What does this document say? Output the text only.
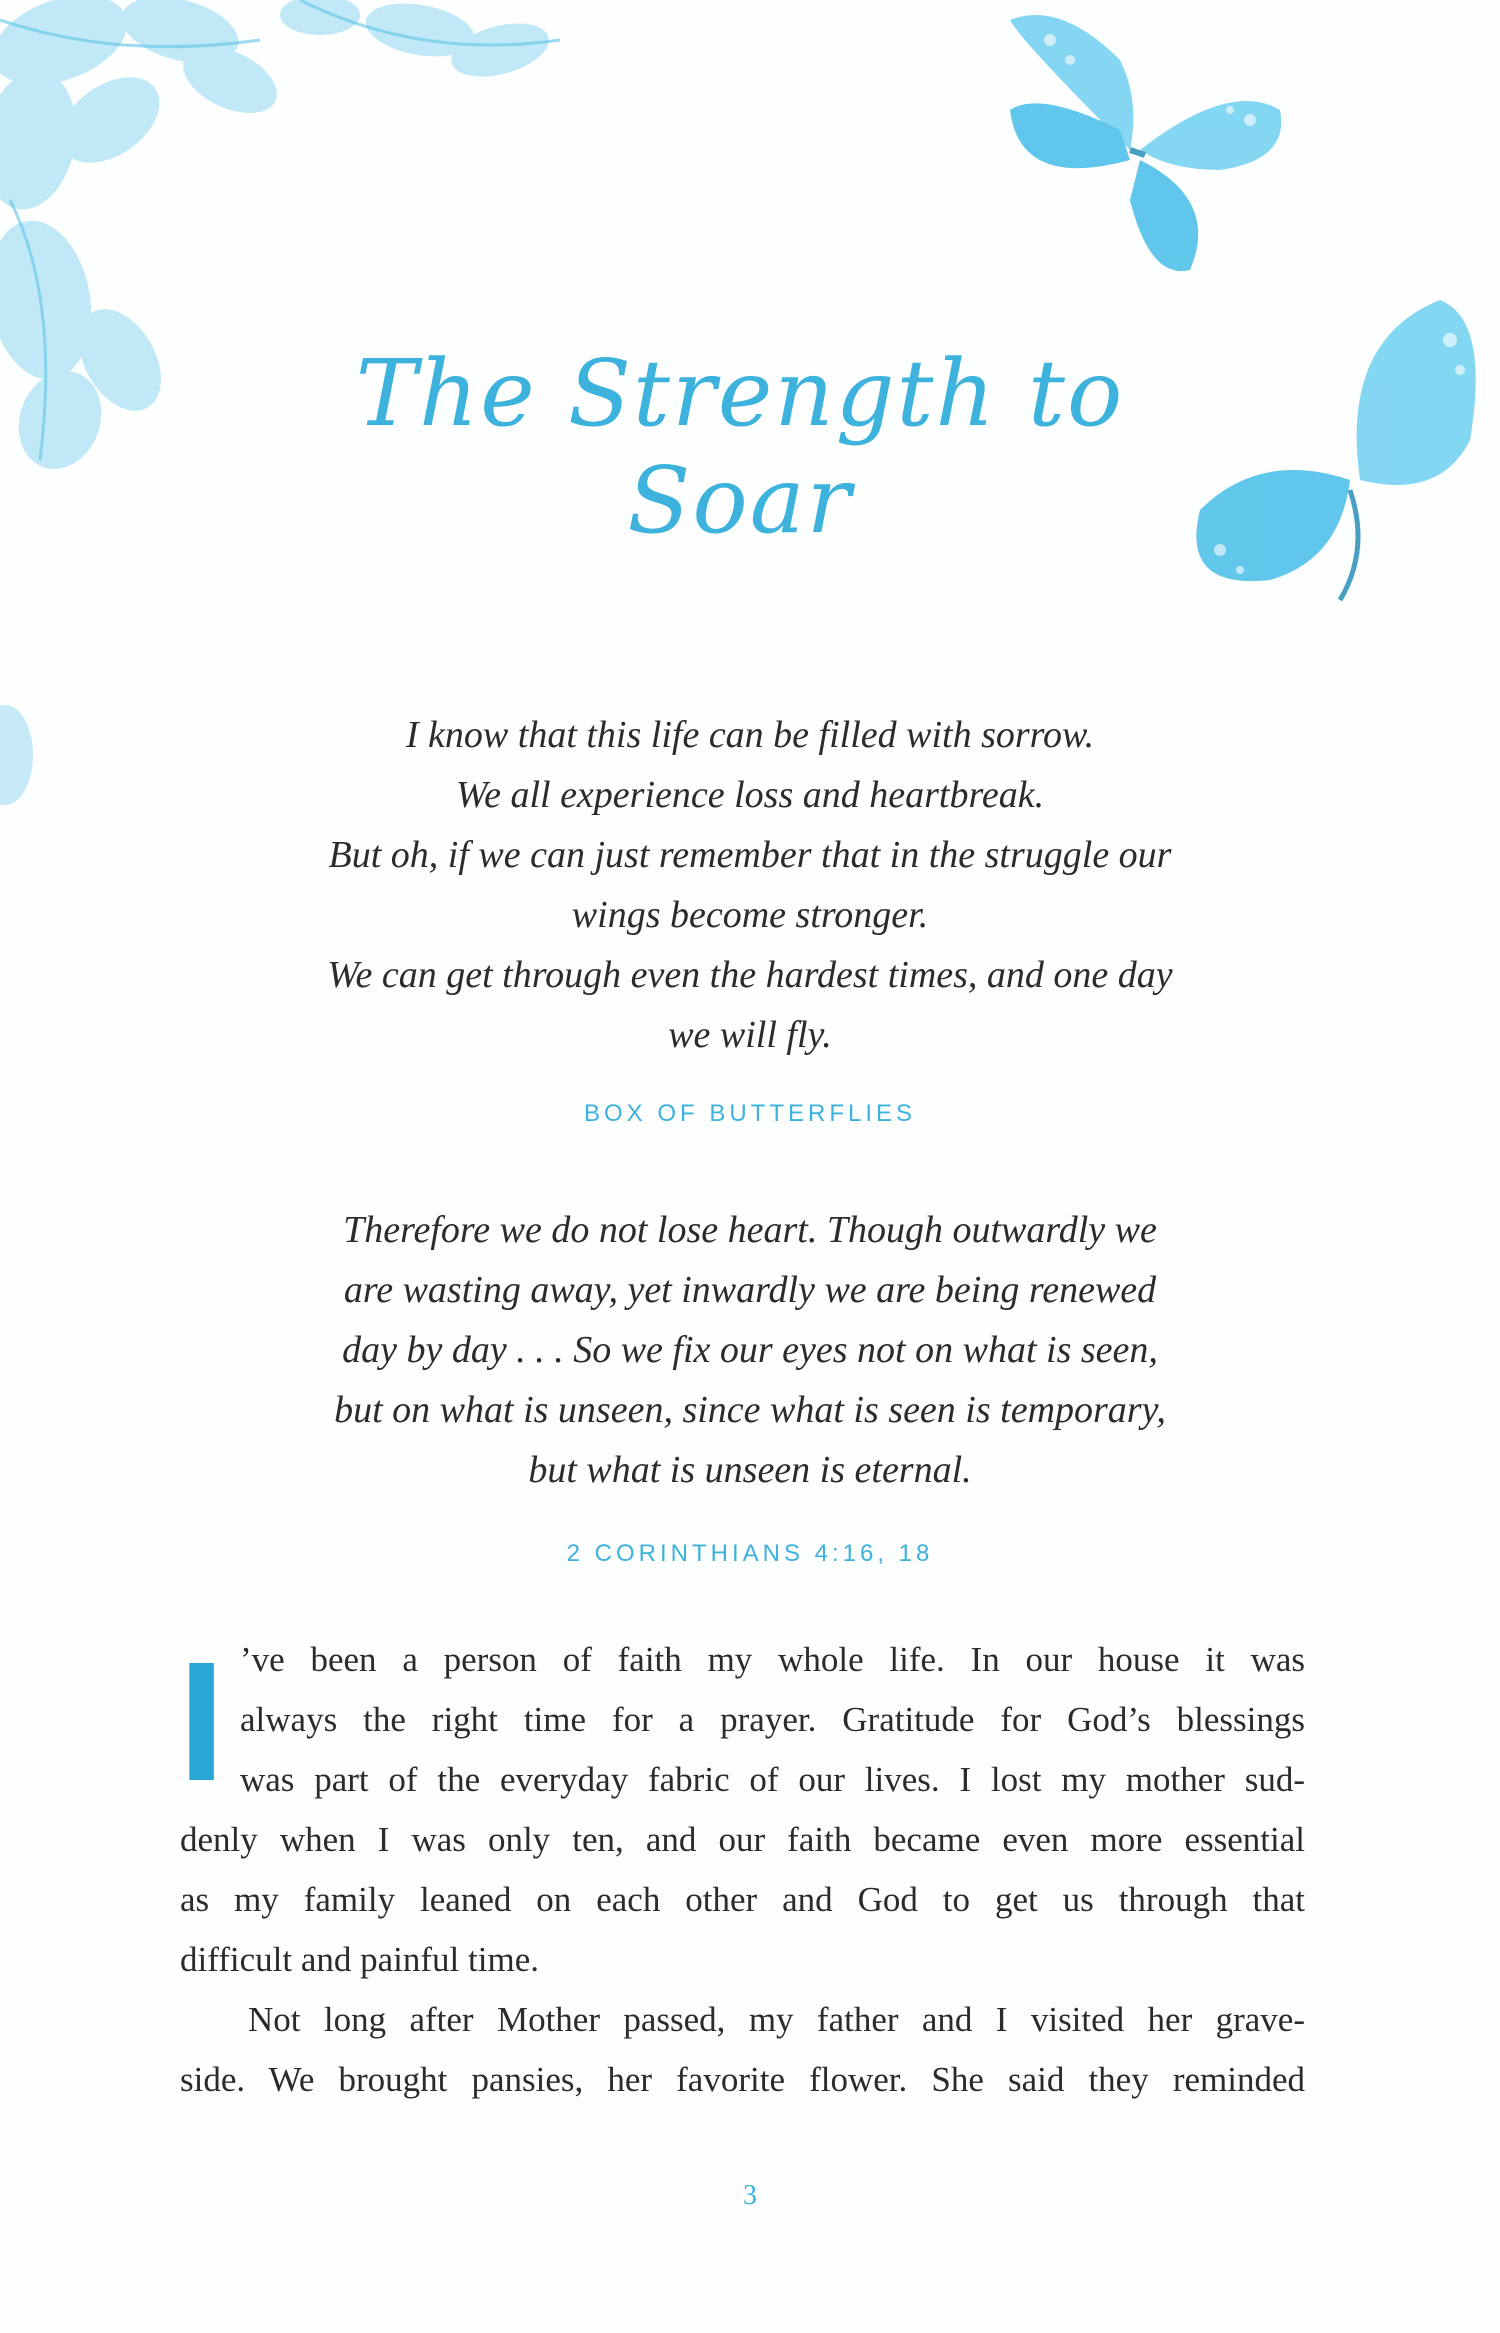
The Strength to Soar
I know that this life can be filled with sorrow.
We all experience loss and heartbreak.
But oh, if we can just remember that in the struggle our
wings become stronger.
We can get through even the hardest times, and one day
we will fly.
BOX OF BUTTERFLIES
Therefore we do not lose heart. Though outwardly we
are wasting away, yet inwardly we are being renewed
day by day . . . So we fix our eyes not on what is seen,
but on what is unseen, since what is seen is temporary,
but what is unseen is eternal.
2 CORINTHIANS 4:16, 18
I ’ve been a person of faith my whole life. In our house it was
always the right time for a prayer. Gratitude for God’s blessings
was part of the everyday fabric of our lives. I lost my mother sud-
denly when I was only ten, and our faith became even more essential
as my family leaned on each other and God to get us through that
difficult and painful time.
Not long after Mother passed, my father and I visited her grave-
side. We brought pansies, her favorite flower. She said they reminded
3
